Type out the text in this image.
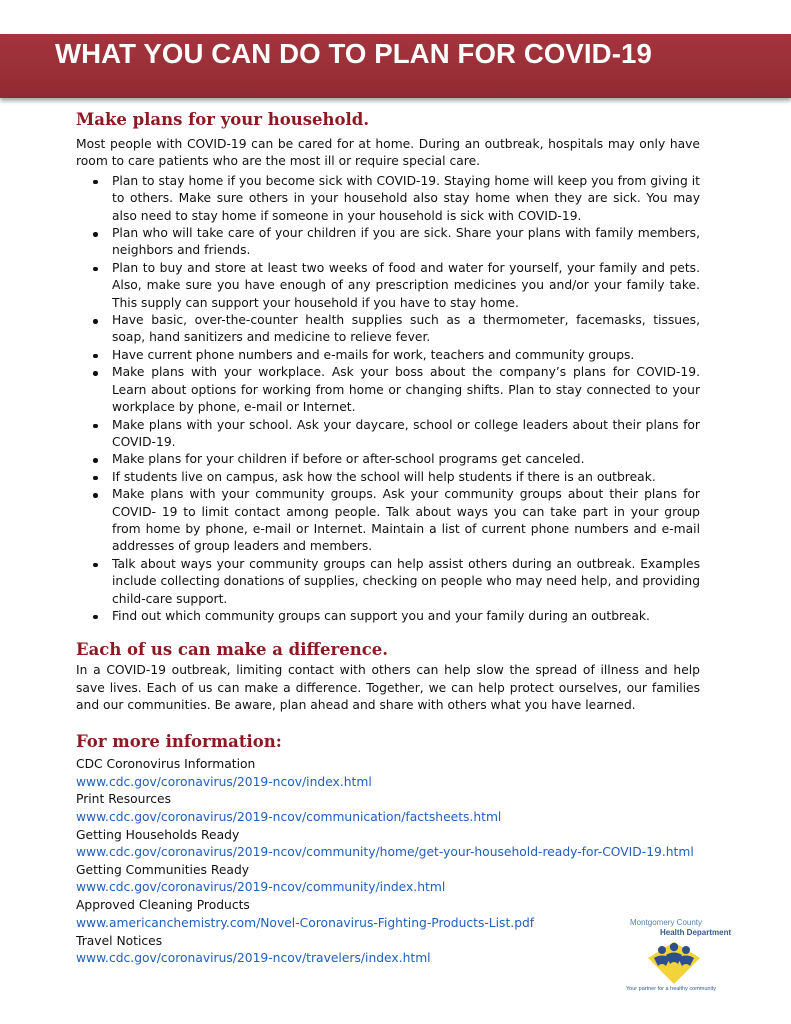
WHAT YOU CAN DO TO PLAN FOR COVID-19
Make plans for your household.

Most people with COVID-19 can be cared for at home. During an outbreak, hospitals may only have room to care patients who are the most ill or require special care.

Plan to stay home if you become sick with COVID-19. Staying home will keep you from giving it to others. Make sure others in your household also stay home when they are sick. You may also need to stay home if someone in your household is sick with COVID-19.
Plan who will take care of your children if you are sick. Share your plans with family members, neighbors and friends.
Plan to buy and store at least two weeks of food and water for yourself, your family and pets. Also, make sure you have enough of any prescription medicines you and/or your family take. This supply can support your household if you have to stay home.
Have basic, over-the-counter health supplies such as a thermometer, facemasks, tissues, soap, hand sanitizers and medicine to relieve fever.
Have current phone numbers and e-mails for work, teachers and community groups.
Make plans with your workplace. Ask your boss about the company’s plans for COVID-19. Learn about options for working from home or changing shifts. Plan to stay connected to your workplace by phone, e-mail or Internet.
Make plans with your school. Ask your daycare, school or college leaders about their plans for COVID-19.
Make plans for your children if before or after-school programs get canceled.
If students live on campus, ask how the school will help students if there is an outbreak.
Make plans with your community groups. Ask your community groups about their plans for COVID- 19 to limit contact among people. Talk about ways you can take part in your group from home by phone, e-mail or Internet. Maintain a list of current phone numbers and e-mail addresses of group leaders and members.
Talk about ways your community groups can help assist others during an outbreak. Examples include collecting donations of supplies, checking on people who may need help, and providing child-care support.
Find out which community groups can support you and your family during an outbreak.
Each of us can make a difference.

In a COVID-19 outbreak, limiting contact with others can help slow the spread of illness and help save lives. Each of us can make a difference. Together, we can help protect ourselves, our families and our communities. Be aware, plan ahead and share with others what you have learned.

For more information:
CDC Coronovirus Information
www.cdc.gov/coronavirus/2019-ncov/index.html
Print Resources
www.cdc.gov/coronavirus/2019-ncov/communication/factsheets.html
Getting Households Ready
www.cdc.gov/coronavirus/2019-ncov/community/home/get-your-household-ready-for-COVID-19.html
Getting Communities Ready
www.cdc.gov/coronavirus/2019-ncov/community/index.html
Approved Cleaning Products
www.americanchemistry.com/Novel-Coronavirus-Fighting-Products-List.pdf
Travel Notices
www.cdc.gov/coronavirus/2019-ncov/travelers/index.html
Montgomery County
Health Department
Your partner for a healthy community
